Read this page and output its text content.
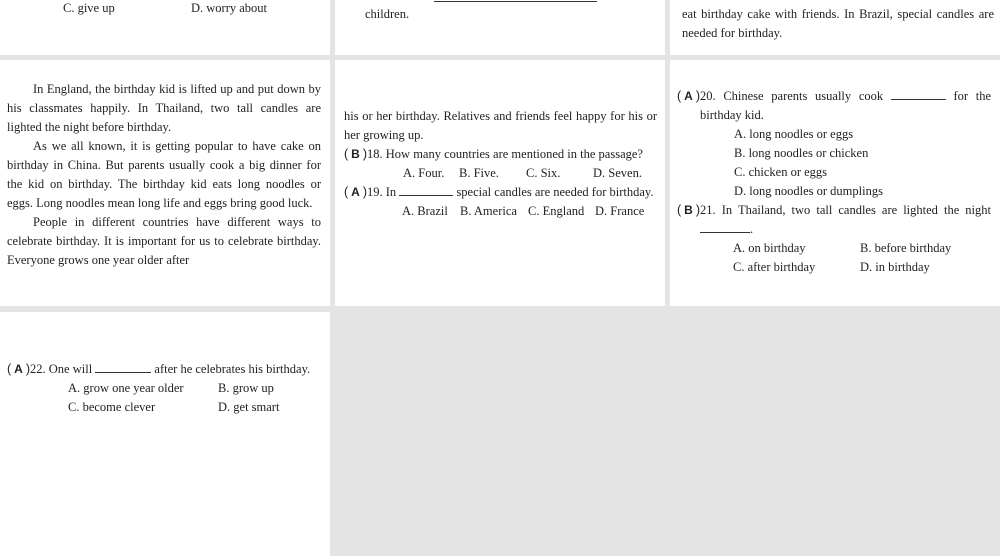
C. give up	D. worry about	children.	eat birthday cake with friends. In Brazil, special candles are needed for birthday.

In England, the birthday kid is lifted up and put down by his classmates happily. In Thailand, two tall candles are lighted the night before birthday.

As we all known, it is getting popular to have cake on birthday in China. But parents usually cook a big dinner for the kid on birthday. The birthday kid eats long noodles or eggs. Long noodles mean long life and eggs bring good luck.

People in different countries have different ways to celebrate birthday. It is important for us to celebrate birthday. Everyone grows one year older after

his or her birthday. Relatives and friends feel happy for his or her growing up.

( B ) 18. How many countries are mentioned in the passage?
A. Four.	B. Five.	C. Six.	D. Seven.
( A ) 19. In	special candles are needed for birthday.
A. Brazil B. America C. England D. France
( A ) 20. Chinese parents usually cook	for the birthday kid.
A. long noodles or eggs
B. long noodles or chicken
C. chicken or eggs
D. long noodles or dumplings
( B ) 21. In Thailand, two tall candles are lighted the night .
A. on birthday	B. before birthday
C. after birthday	D. in birthday
( A ) 22. One will	after he celebrates his birthday.
A. grow one year older	B. grow up
C. become clever	D. get smart
